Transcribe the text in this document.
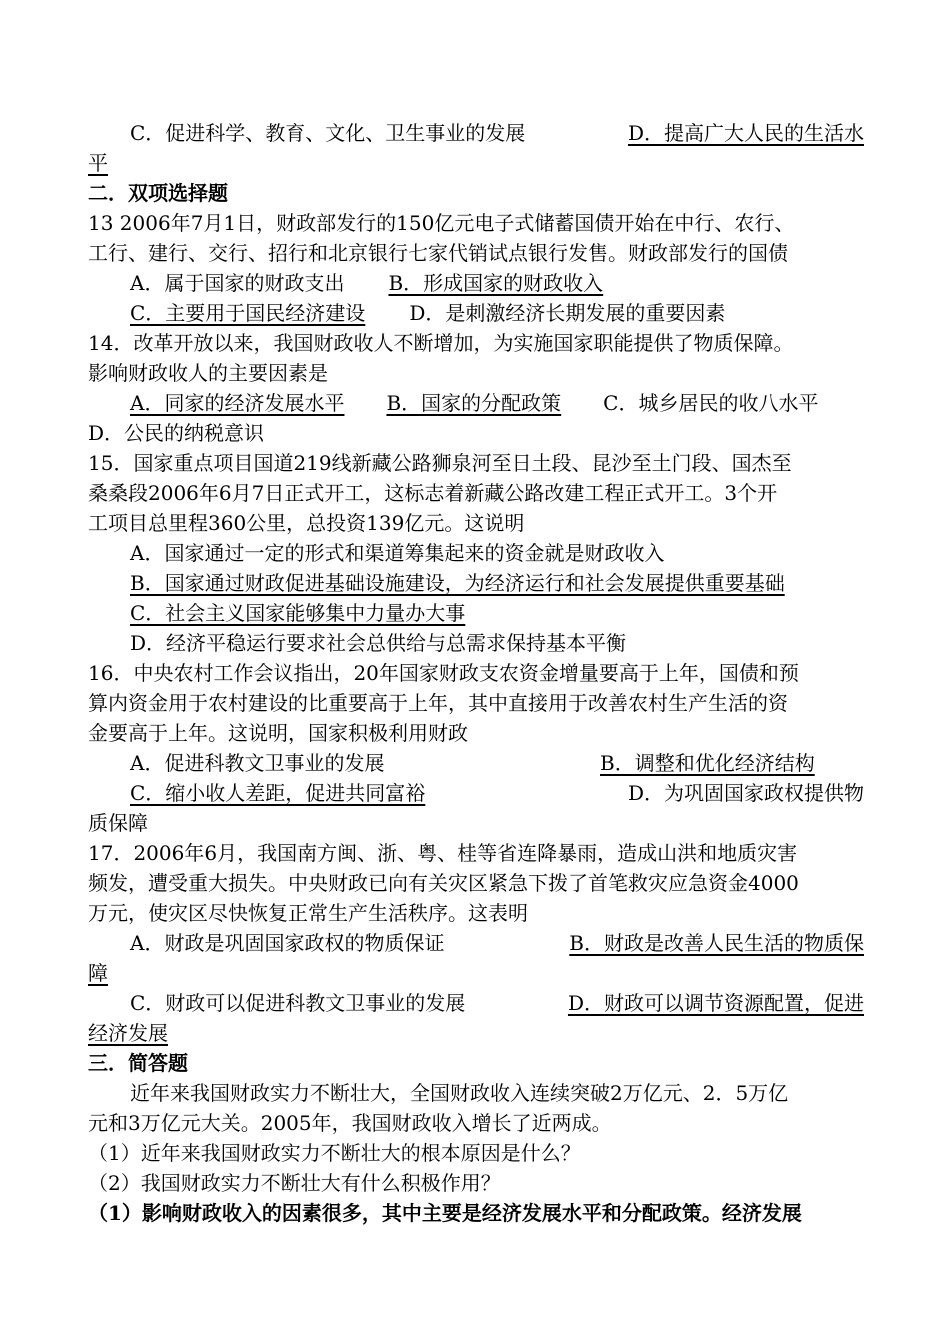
C．促进科学、教育、文化、卫生事业的发展	D．提高广大人民的生活水
平
二．双项选择题
13 2006年7月1日，财政部发行的150亿元电子式储蓄国债开始在中行、农行、
工行、建行、交行、招行和北京银行七家代销试点银行发售。财政部发行的国债
A．属于国家的财政支出 B．形成国家的财政收入
C．主要用于国民经济建设 D．是刺激经济长期发展的重要因素
14．改革开放以来，我国财政收人不断增加，为实施国家职能提供了物质保障。
影响财政收人的主要因素是
A．同家的经济发展水平 B．国家的分配政策 C．城乡居民的收八水平
D．公民的纳税意识
15．国家重点项目国道219线新藏公路狮泉河至日土段、昆沙至土门段、国杰至
桑桑段2006年6月7日正式开工，这标志着新藏公路改建工程正式开工。3个开
工项目总里程360公里，总投资139亿元。这说明
A．国家通过一定的形式和渠道筹集起来的资金就是财政收入
B．国家通过财政促进基础设施建设，为经济运行和社会发展提供重要基础
C．社会主义国家能够集中力量办大事
D．经济平稳运行要求社会总供给与总需求保持基本平衡
16．中央农村工作会议指出，20年国家财政支农资金增量要高于上年，国债和预
算内资金用于农村建设的比重要高于上年，其中直接用于改善农村生产生活的资
金要高于上年。这说明，国家积极利用财政
A．促进科教文卫事业的发展	B．调整和优化经济结构
C．缩小收人差距，促进共同富裕	D．为巩固国家政权提供物
质保障
17．2006年6月，我国南方闽、浙、粤、桂等省连降暴雨，造成山洪和地质灾害
频发，遭受重大损失。中央财政已向有关灾区紧急下拨了首笔救灾应急资金4000
万元，使灾区尽快恢复正常生产生活秩序。这表明
A．财政是巩固国家政权的物质保证	B．财政是改善人民生活的物质保
障
C．财政可以促进科教文卫事业的发展	D．财政可以调节资源配置，促进
经济发展
三．简答题
近年来我国财政实力不断壮大，全国财政收入连续突破2万亿元、2．5万亿
元和3万亿元大关。2005年，我国财政收入增长了近两成。
（1）近年来我国财政实力不断壮大的根本原因是什么？
（2）我国财政实力不断壮大有什么积极作用？
（1）影响财政收入的因素很多，其中主要是经济发展水平和分配政策。经济发展
